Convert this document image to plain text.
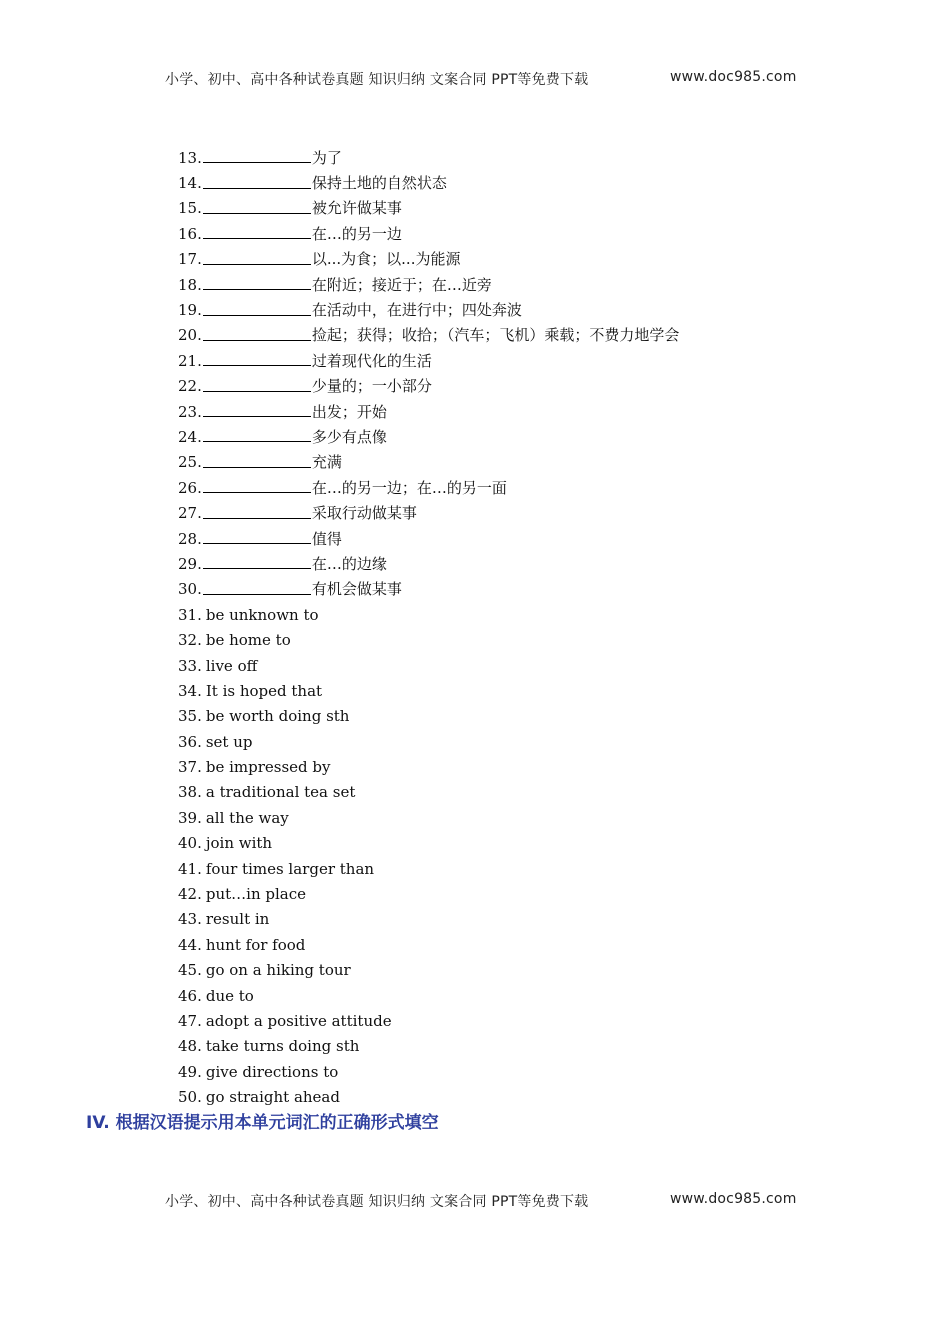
小学、初中、高中各种试卷真题 知识归纳 文案合同 PPT等免费下载	www.doc985.com
13.	为了
14.	保持土地的自然状态
15.	被允许做某事
16.	在…的另一边
17.	以...为食；以...为能源
18.	在附近；接近于；在…近旁
19.	在活动中，在进行中；四处奔波
20.	捡起；获得；收拾；（汽车；飞机）乘载；不费力地学会
21.	过着现代化的生活
22.	少量的；一小部分
23.	出发；开始
24.	多少有点像
25.	充满
26.	在…的另一边；在…的另一面
27.	采取行动做某事
28.	值得
29.	在…的边缘
30.	有机会做某事
31. be unknown to
32. be home to
33. live off
34. It is hoped that
35. be worth doing sth
36. set up
37. be impressed by
38. a traditional tea set
39. all the way
40. join with
41. four times larger than
42. put…in place
43. result in
44. hunt for food
45. go on a hiking tour
46. due to
47. adopt a positive attitude
48. take turns doing sth
49. give directions to
50. go straight ahead
IV. 根据汉语提示用本单元词汇的正确形式填空
小学、初中、高中各种试卷真题 知识归纳 文案合同 PPT等免费下载	www.doc985.com
